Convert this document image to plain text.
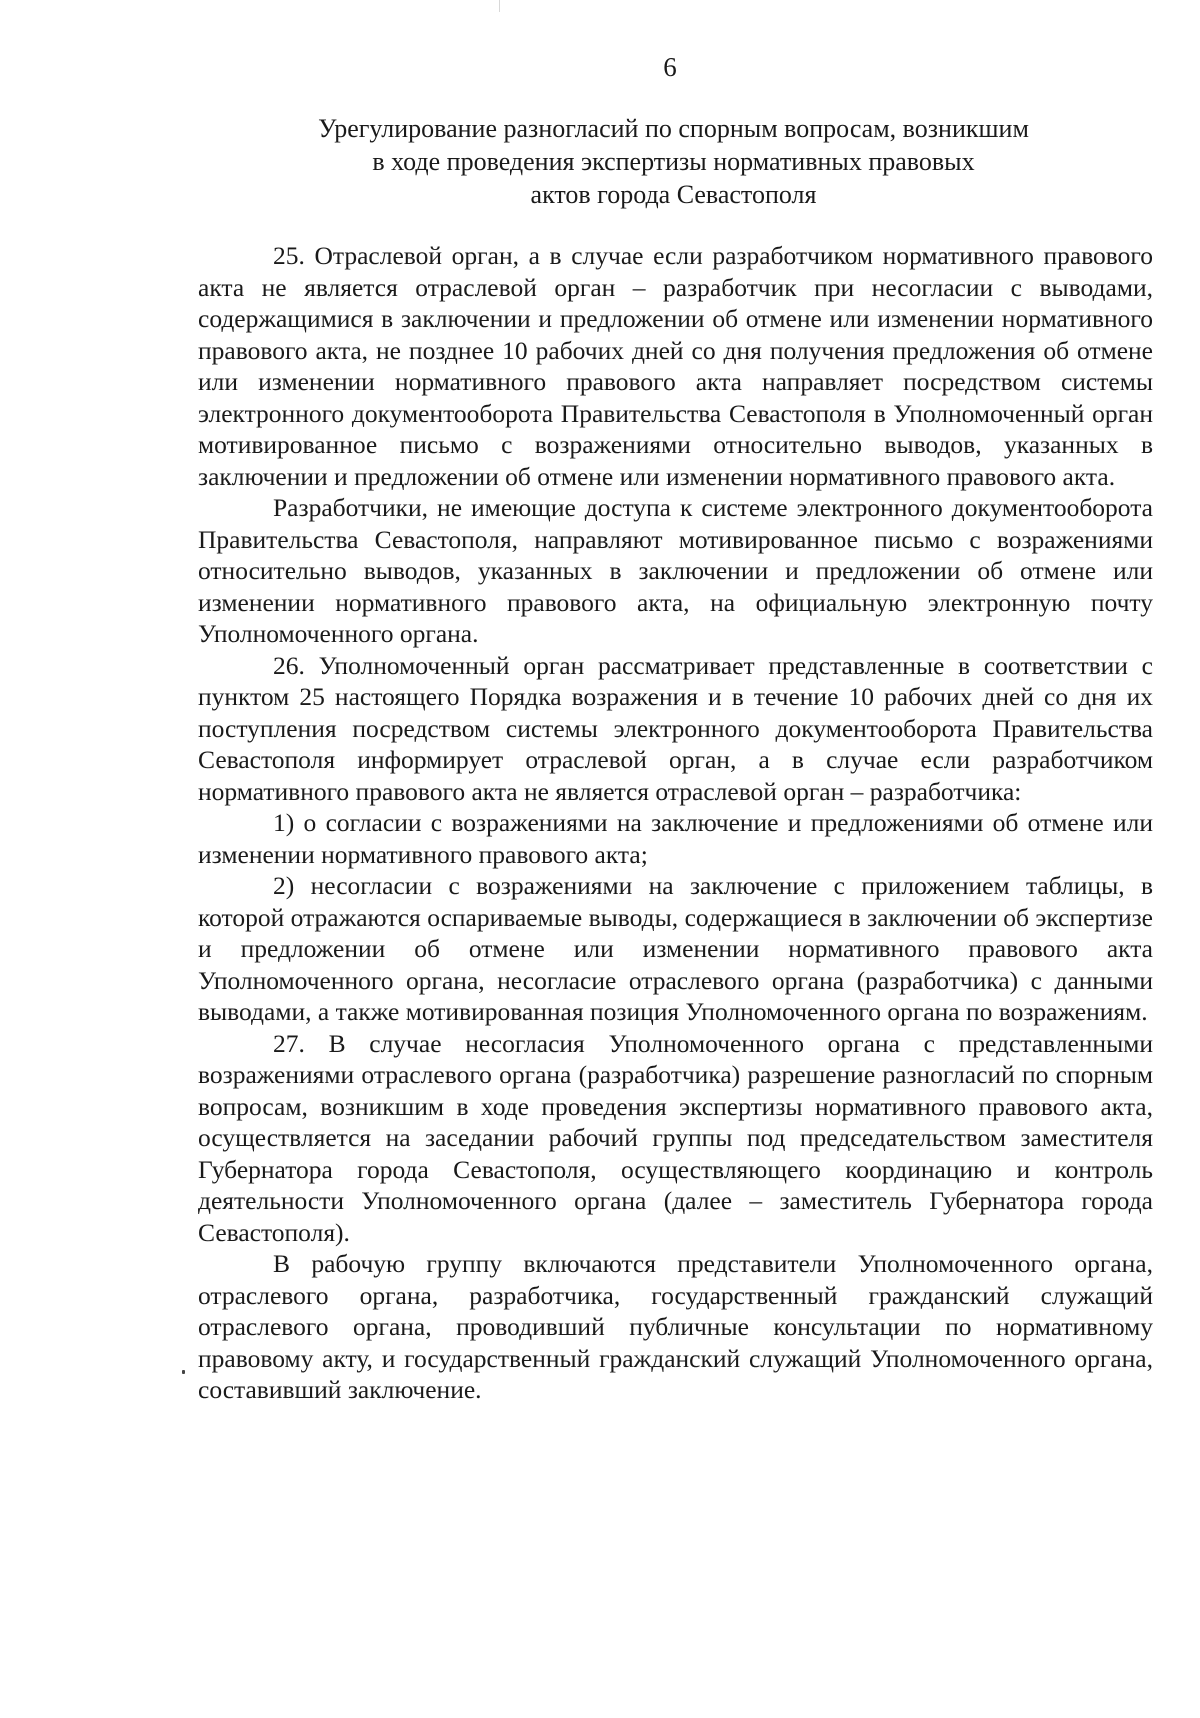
6
Урегулирование разногласий по спорным вопросам, возникшим
в ходе проведения экспертизы нормативных правовых
актов города Севастополя

25. Отраслевой орган, а в случае если разработчиком нормативного правового акта не является отраслевой орган – разработчик при несогласии с выводами, содержащимися в заключении и предложении об отмене или изменении нормативного правового акта, не позднее 10 рабочих дней со дня получения предложения об отмене или изменении нормативного правового акта направляет посредством системы электронного документооборота Правительства Севастополя в Уполномоченный орган мотивированное письмо с возражениями относительно выводов, указанных в заключении и предложении об отмене или изменении нормативного правового акта.

Разработчики, не имеющие доступа к системе электронного документооборота Правительства Севастополя, направляют мотивированное письмо с возражениями относительно выводов, указанных в заключении и предложении об отмене или изменении нормативного правового акта, на официальную электронную почту Уполномоченного органа.

26. Уполномоченный орган рассматривает представленные в соответствии с пунктом 25 настоящего Порядка возражения и в течение 10 рабочих дней со дня их поступления посредством системы электронного документооборота Правительства Севастополя информирует отраслевой орган, а в случае если разработчиком нормативного правового акта не является отраслевой орган – разработчика:

1) о согласии с возражениями на заключение и предложениями об отмене или изменении нормативного правового акта;

2) несогласии с возражениями на заключение с приложением таблицы, в которой отражаются оспариваемые выводы, содержащиеся в заключении об экспертизе и предложении об отмене или изменении нормативного правового акта Уполномоченного органа, несогласие отраслевого органа (разработчика) с данными выводами, а также мотивированная позиция Уполномоченного органа по возражениям.

27. В случае несогласия Уполномоченного органа с представленными возражениями отраслевого органа (разработчика) разрешение разногласий по спорным вопросам, возникшим в ходе проведения экспертизы нормативного правового акта, осуществляется на заседании рабочий группы под председательством заместителя Губернатора города Севастополя, осуществляющего координацию и контроль деятельности Уполномоченного органа (далее – заместитель Губернатора города Севастополя).

В рабочую группу включаются представители Уполномоченного органа, отраслевого органа, разработчика, государственный гражданский служащий отраслевого органа, проводивший публичные консультации по нормативному правовому акту, и государственный гражданский служащий Уполномоченного органа, составивший заключение.
